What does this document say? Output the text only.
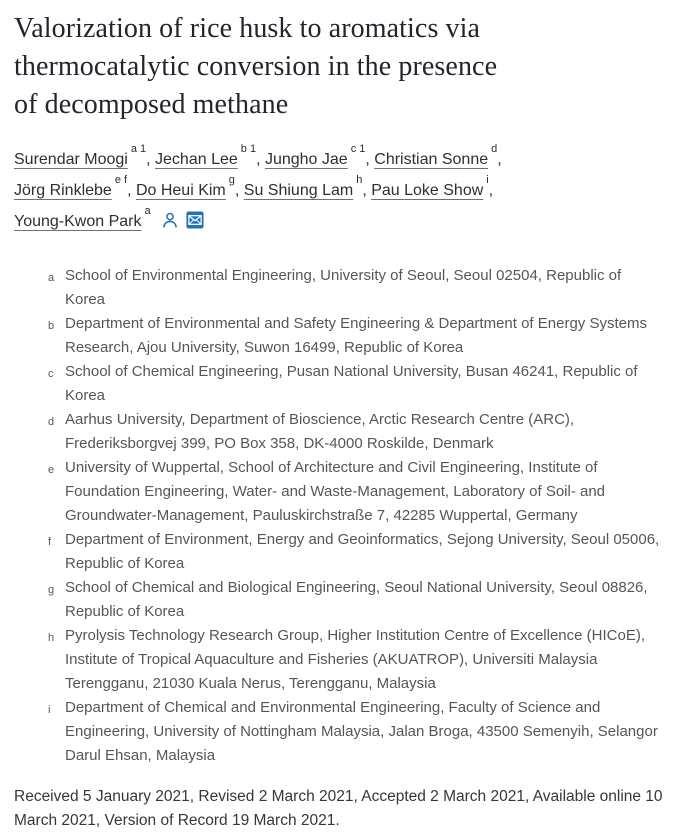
Valorization of rice husk to aromatics via
thermocatalytic conversion in the presence
of decomposed methane

Surendar Moogi$^{a 1}$, Jechan Lee$^{b 1}$, Jungho Jae$^{c 1}$, Christian Sonne$^d$, Jörg Rinklebe$^{e f}$, Do Heui Kim$^g$, Su Shiung Lam$^h$, Pau Loke Show$^i$, Young-Kwon Park$^a$

a School of Environmental Engineering, University of Seoul, Seoul 02504, Republic of Korea
b Department of Environmental and Safety Engineering & Department of Energy Systems Research, Ajou University, Suwon 16499, Republic of Korea
c School of Chemical Engineering, Pusan National University, Busan 46241, Republic of Korea
d Aarhus University, Department of Bioscience, Arctic Research Centre (ARC), Frederiksborgvej 399, PO Box 358, DK-4000 Roskilde, Denmark
e University of Wuppertal, School of Architecture and Civil Engineering, Institute of Foundation Engineering, Water- and Waste-Management, Laboratory of Soil- and Groundwater-Management, Pauluskirchstraße 7, 42285 Wuppertal, Germany
f Department of Environment, Energy and Geoinformatics, Sejong University, Seoul 05006, Republic of Korea
g School of Chemical and Biological Engineering, Seoul National University, Seoul 08826, Republic of Korea
h Pyrolysis Technology Research Group, Higher Institution Centre of Excellence (HICoE), Institute of Tropical Aquaculture and Fisheries (AKUATROP), Universiti Malaysia Terengganu, 21030 Kuala Nerus, Terengganu, Malaysia
i Department of Chemical and Environmental Engineering, Faculty of Science and Engineering, University of Nottingham Malaysia, Jalan Broga, 43500 Semenyih, Selangor Darul Ehsan, Malaysia

Received 5 January 2021, Revised 2 March 2021, Accepted 2 March 2021, Available online 10 March 2021, Version of Record 19 March 2021.
